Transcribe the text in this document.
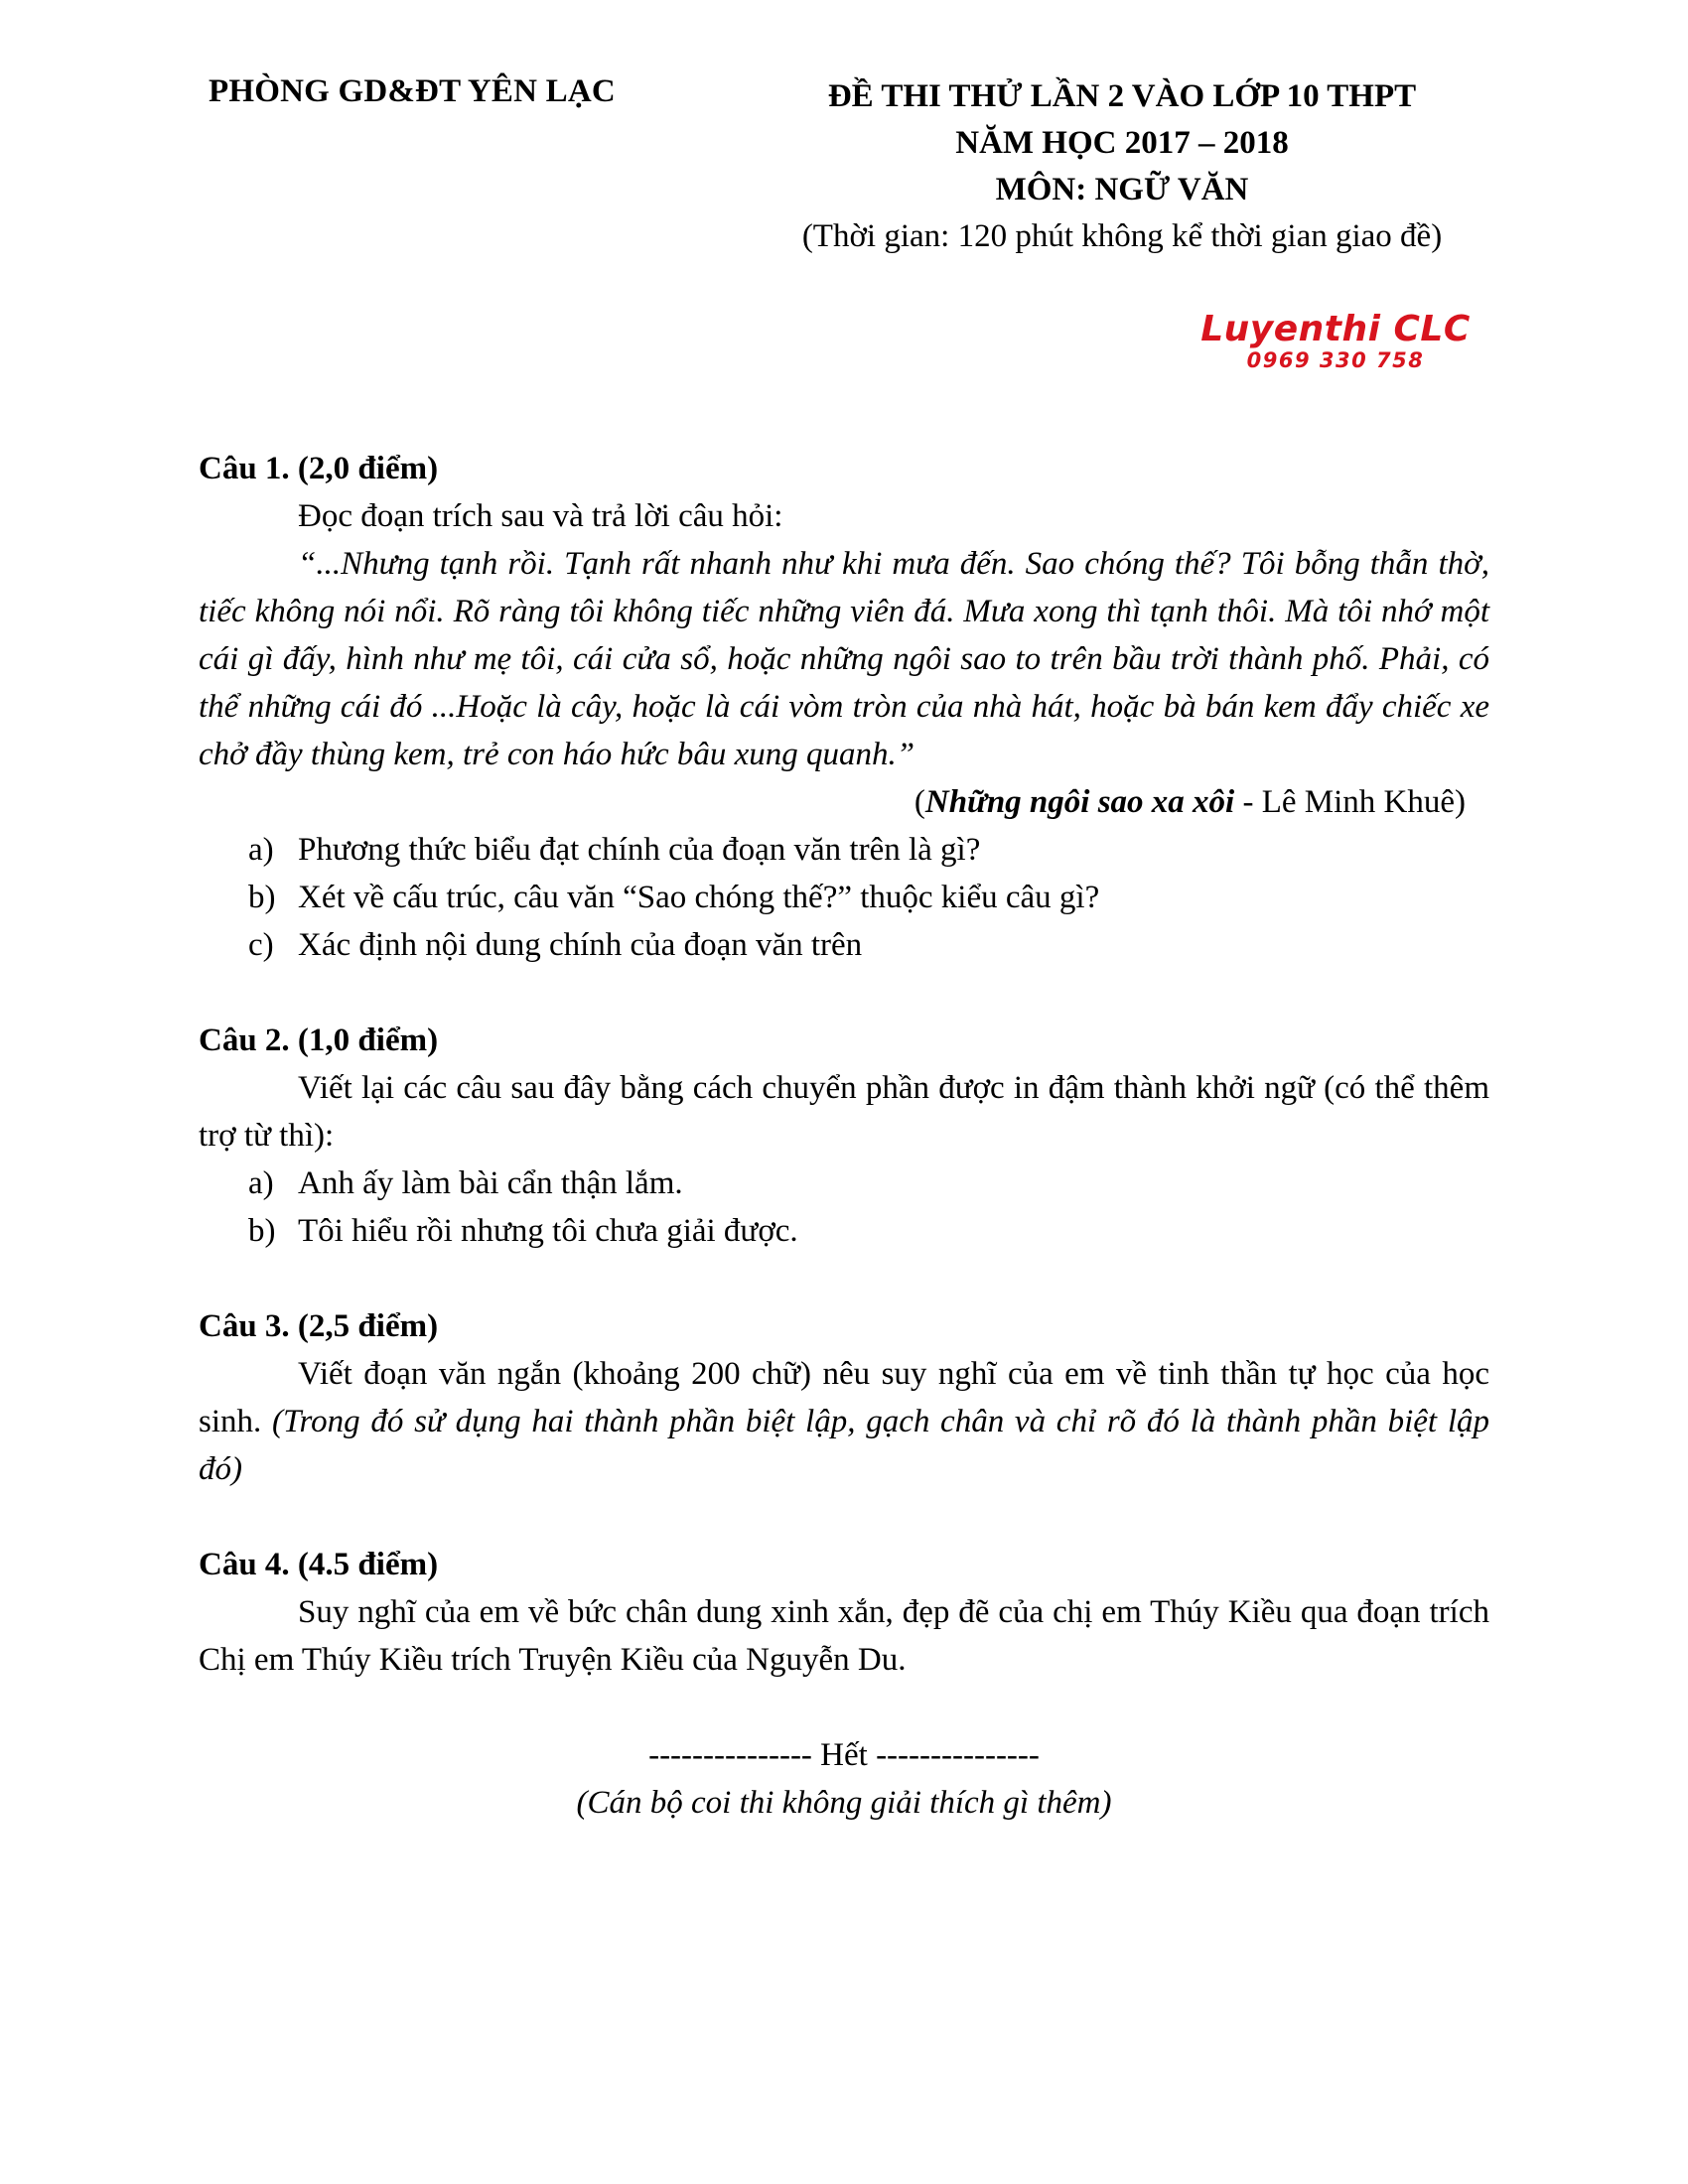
PHÒNG GD&ĐT YÊN LẠC	ĐỀ THI THỬ LẦN 2 VÀO LỚP 10 THPT
NĂM HỌC 2017 – 2018
MÔN: NGỮ VĂN
(Thời gian: 120 phút không kể thời gian giao đề)
Luyenthi CLC
0969 330 758

Câu 1. (2,0 điểm)

Đọc đoạn trích sau và trả lời câu hỏi:

“...Nhưng tạnh rồi. Tạnh rất nhanh như khi mưa đến. Sao chóng thế? Tôi bỗng thẫn thờ, tiếc không nói nổi. Rõ ràng tôi không tiếc những viên đá. Mưa xong thì tạnh thôi. Mà tôi nhớ một cái gì đấy, hình như mẹ tôi, cái cửa sổ, hoặc những ngôi sao to trên bầu trời thành phố. Phải, có thể những cái đó ...Hoặc là cây, hoặc là cái vòm tròn của nhà hát, hoặc bà bán kem đẩy chiếc xe chở đầy thùng kem, trẻ con háo hức bâu xung quanh.”

(Những ngôi sao xa xôi - Lê Minh Khuê)

a) Phương thức biểu đạt chính của đoạn văn trên là gì?
b) Xét về cấu trúc, câu văn “Sao chóng thế?” thuộc kiểu câu gì?
c) Xác định nội dung chính của đoạn văn trên

Câu 2. (1,0 điểm)

Viết lại các câu sau đây bằng cách chuyển phần được in đậm thành khởi ngữ (có thể thêm trợ từ thì):

a) Anh ấy làm bài cẩn thận lắm.
b) Tôi hiểu rồi nhưng tôi chưa giải được.

Câu 3. (2,5 điểm)

Viết đoạn văn ngắn (khoảng 200 chữ) nêu suy nghĩ của em về tinh thần tự học của học sinh. (Trong đó sử dụng hai thành phần biệt lập, gạch chân và chỉ rõ đó là thành phần biệt lập đó)

Câu 4. (4.5 điểm)

Suy nghĩ của em về bức chân dung xinh xắn, đẹp đẽ của chị em Thúy Kiều qua đoạn trích Chị em Thúy Kiều trích Truyện Kiều của Nguyễn Du.

--------------- Hết ---------------

(Cán bộ coi thi không giải thích gì thêm)
